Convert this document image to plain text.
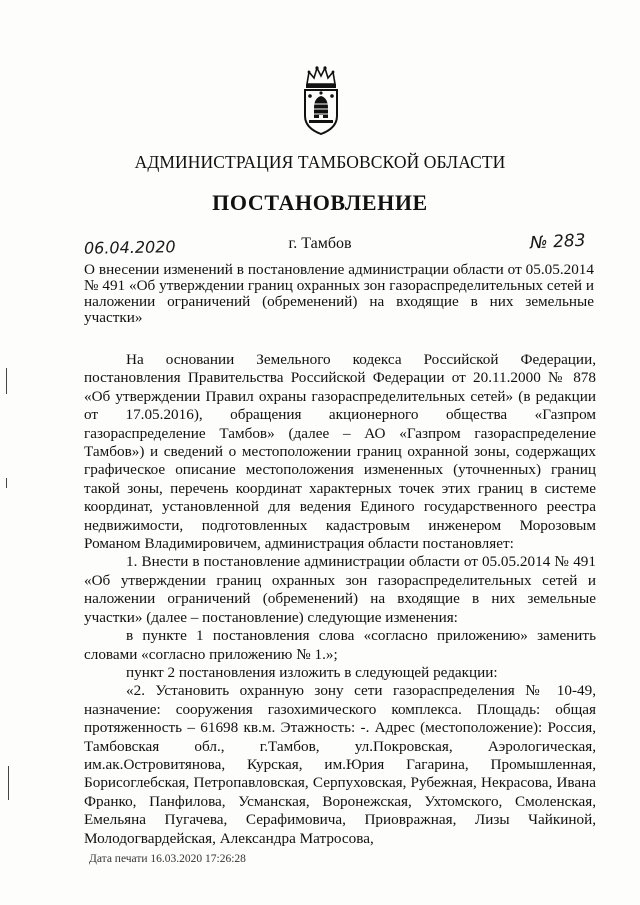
АДМИНИСТРАЦИЯ ТАМБОВСКОЙ ОБЛАСТИ
ПОСТАНОВЛЕНИЕ
06.04.2020	г. Тамбов	№ 283
О внесении изменений в постановление администрации области от 05.05.2014 № 491 «Об утверждении границ охранных зон газораспределительных сетей и наложении ограничений (обременений) на входящие в них земельные участки»

На основании Земельного кодекса Российской Федерации, постановления Правительства Российской Федерации от 20.11.2000 № 878 «Об утверждении Правил охраны газораспределительных сетей» (в редакции от 17.05.2016), обращения акционерного общества «Газпром газораспределение Тамбов» (далее – АО «Газпром газораспределение Тамбов») и сведений о местоположении границ охранной зоны, содержащих графическое описание местоположения измененных (уточненных) границ такой зоны, перечень координат характерных точек этих границ в системе координат, установленной для ведения Единого государственного реестра недвижимости, подготовленных кадастровым инженером Морозовым Романом Владимировичем, администрация области постановляет:

1. Внести в постановление администрации области от 05.05.2014 № 491 «Об утверждении границ охранных зон газораспределительных сетей и наложении ограничений (обременений) на входящие в них земельные участки» (далее – постановление) следующие изменения:

в пункте 1 постановления слова «согласно приложению» заменить словами «согласно приложению № 1.»;

пункт 2 постановления изложить в следующей редакции:

«2. Установить охранную зону сети газораспределения № 10-49, назначение: сооружения газохимического комплекса. Площадь: общая протяженность – 61698 кв.м. Этажность: -. Адрес (местоположение): Россия, Тамбовская обл., г.Тамбов, ул.Покровская, Аэрологическая, им.ак.Островитянова, Курская, им.Юрия Гагарина, Промышленная, Борисоглебская, Петропавловская, Серпуховская, Рубежная, Некрасова, Ивана Франко, Панфилова, Усманская, Воронежская, Ухтомского, Смоленская, Емельяна Пугачева, Серафимовича, Приовражная, Лизы Чайкиной, Молодогвардейская, Александра Матросова,

Дата печати 16.03.2020 17:26:28
